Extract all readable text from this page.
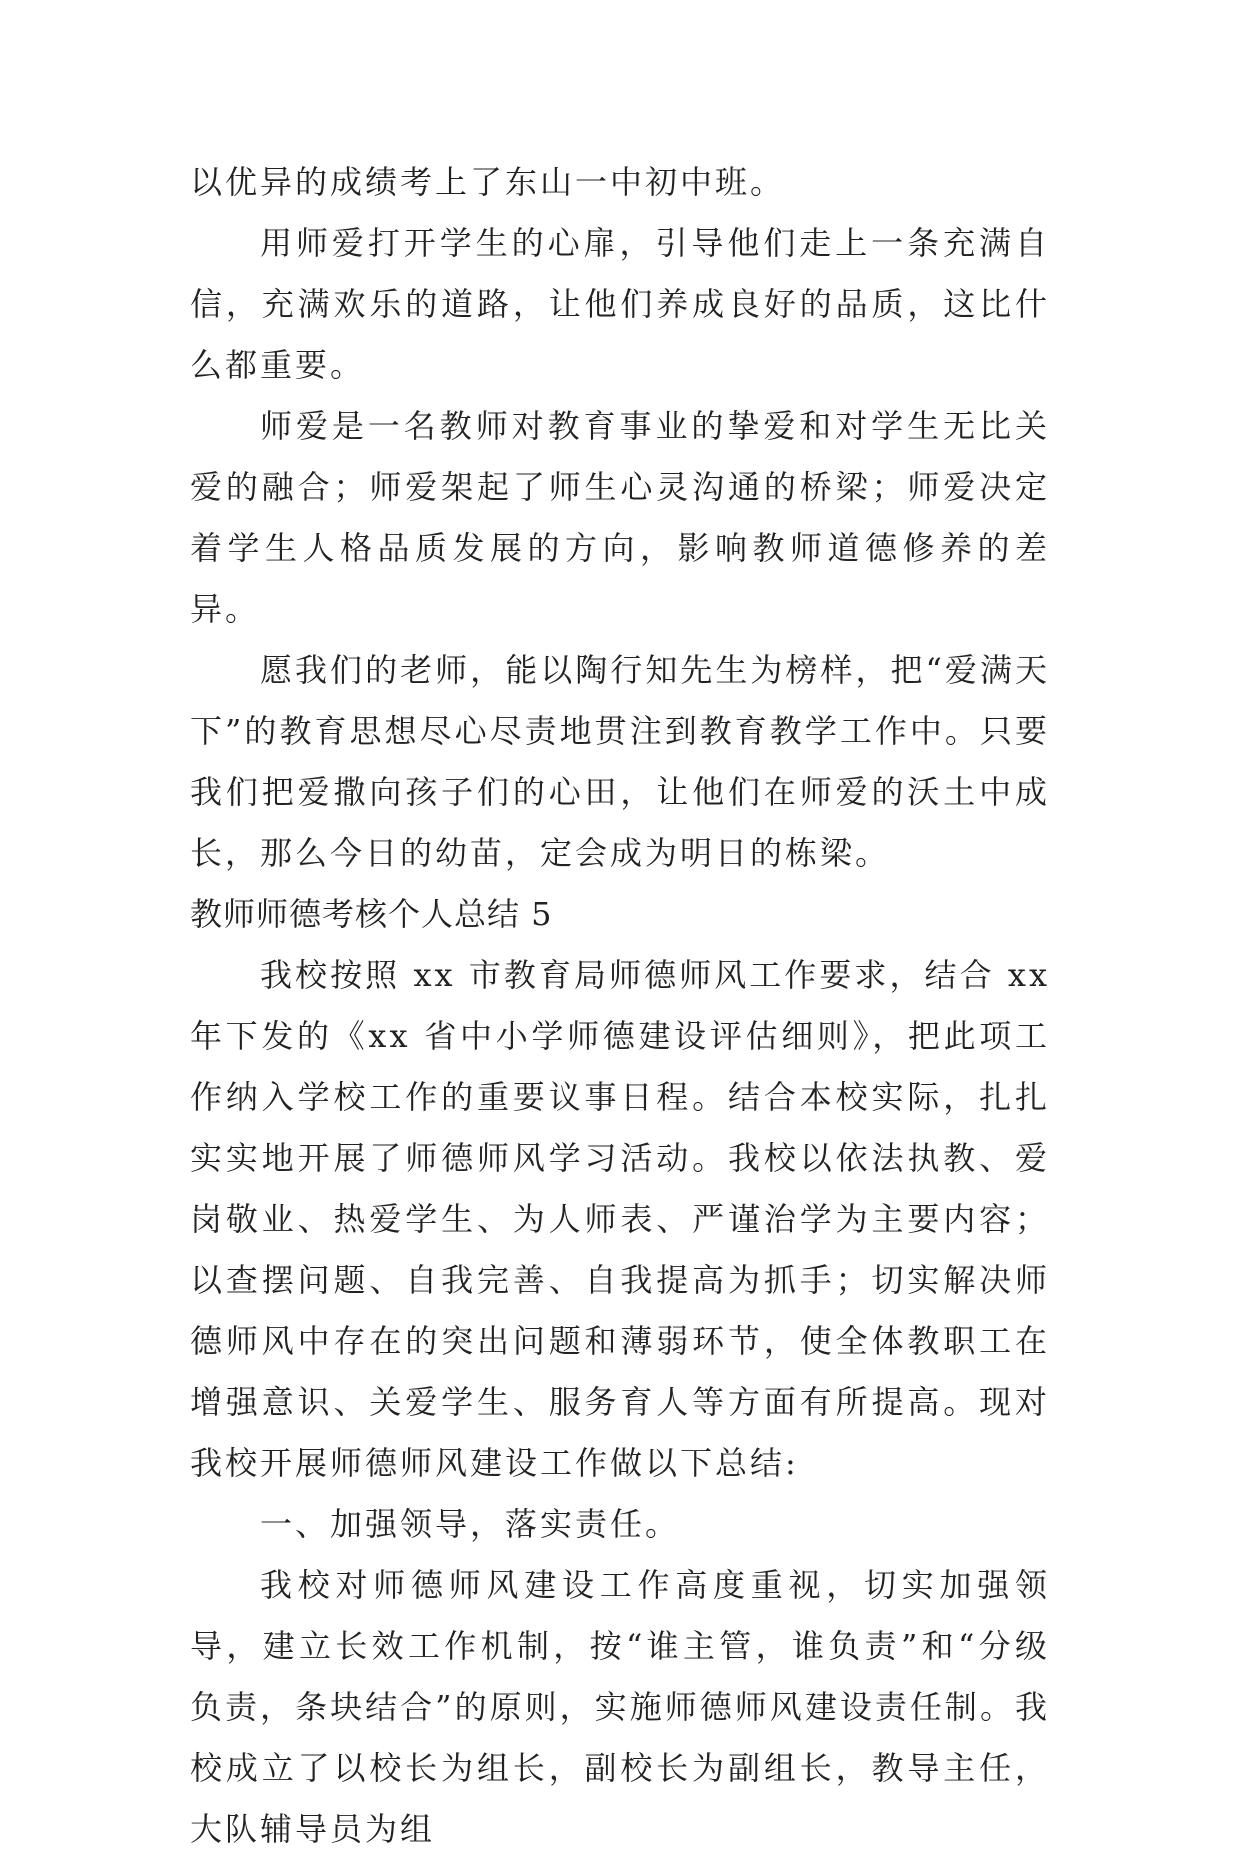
以优异的成绩考上了东山一中初中班。

用师爱打开学生的心扉，引导他们走上一条充满自信，充满欢乐的道路，让他们养成良好的品质，这比什么都重要。

师爱是一名教师对教育事业的挚爱和对学生无比关爱的融合；师爱架起了师生心灵沟通的桥梁；师爱决定着学生人格品质发展的方向，影响教师道德修养的差异。

愿我们的老师，能以陶行知先生为榜样，把“爱满天下”的教育思想尽心尽责地贯注到教育教学工作中。只要我们把爱撒向孩子们的心田，让他们在师爱的沃土中成长，那么今日的幼苗，定会成为明日的栋梁。

教师师德考核个人总结 5

我校按照 xx 市教育局师德师风工作要求，结合 xx 年下发的《xx 省中小学师德建设评估细则》，把此项工作纳入学校工作的重要议事日程。结合本校实际，扎扎实实地开展了师德师风学习活动。我校以依法执教、爱岗敬业、热爱学生、为人师表、严谨治学为主要内容；以查摆问题、自我完善、自我提高为抓手；切实解决师德师风中存在的突出问题和薄弱环节，使全体教职工在增强意识、关爱学生、服务育人等方面有所提高。现对我校开展师德师风建设工作做以下总结:

一、加强领导，落实责任。

我校对师德师风建设工作高度重视，切实加强领导，建立长效工作机制，按“谁主管，谁负责”和“分级负责，条块结合”的原则，实施师德师风建设责任制。我校成立了以校长为组长，副校长为副组长，教导主任，大队辅导员为组
